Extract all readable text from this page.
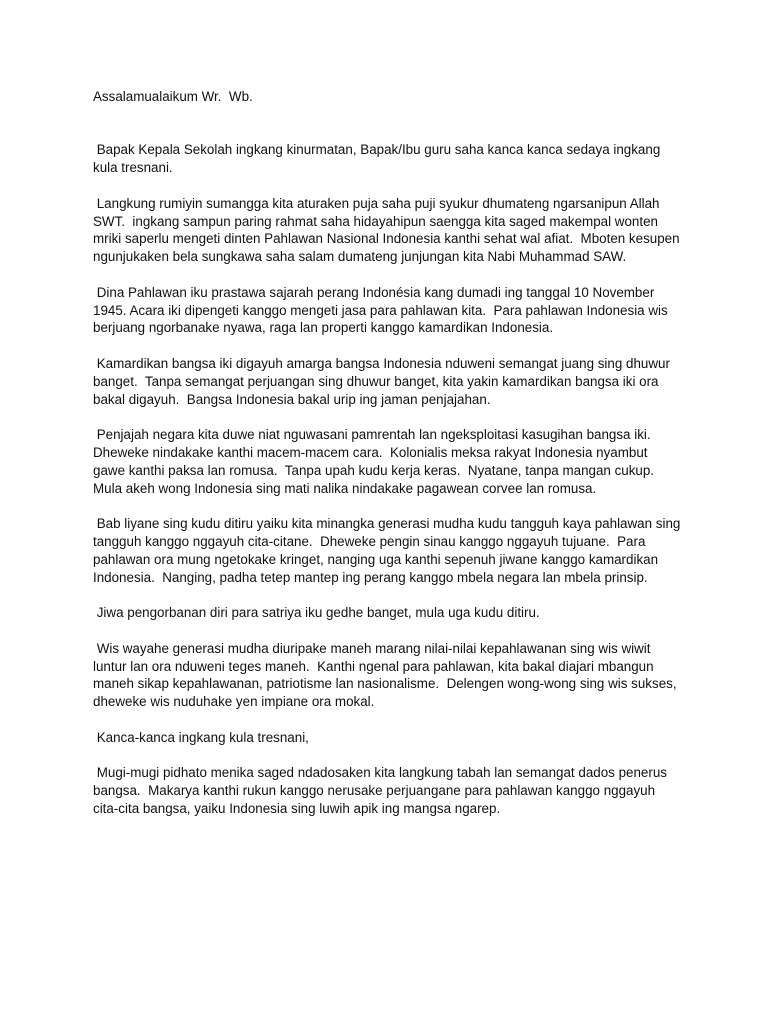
Assalamualaikum Wr.  Wb.

Bapak Kepala Sekolah ingkang kinurmatan, Bapak/Ibu guru saha kanca kanca sedaya ingkang kula tresnani.

Langkung rumiyin sumangga kita aturaken puja saha puji syukur dhumateng ngarsanipun Allah SWT.  ingkang sampun paring rahmat saha hidayahipun saengga kita saged makempal wonten mriki saperlu mengeti dinten Pahlawan Nasional Indonesia kanthi sehat wal afiat.  Mboten kesupen ngunjukaken bela sungkawa saha salam dumateng junjungan kita Nabi Muhammad SAW.

Dina Pahlawan iku prastawa sajarah perang Indonésia kang dumadi ing tanggal 10 November 1945. Acara iki dipengeti kanggo mengeti jasa para pahlawan kita.  Para pahlawan Indonesia wis berjuang ngorbanake nyawa, raga lan properti kanggo kamardikan Indonesia.

Kamardikan bangsa iki digayuh amarga bangsa Indonesia nduweni semangat juang sing dhuwur banget.  Tanpa semangat perjuangan sing dhuwur banget, kita yakin kamardikan bangsa iki ora bakal digayuh.  Bangsa Indonesia bakal urip ing jaman penjajahan.

Penjajah negara kita duwe niat nguwasani pamrentah lan ngeksploitasi kasugihan bangsa iki.  Dheweke nindakake kanthi macem-macem cara.  Kolonialis meksa rakyat Indonesia nyambut gawe kanthi paksa lan romusa.  Tanpa upah kudu kerja keras.  Nyatane, tanpa mangan cukup.  Mula akeh wong Indonesia sing mati nalika nindakake pagawean corvee lan romusa.

Bab liyane sing kudu ditiru yaiku kita minangka generasi mudha kudu tangguh kaya pahlawan sing tangguh kanggo nggayuh cita-citane.  Dheweke pengin sinau kanggo nggayuh tujuane.  Para pahlawan ora mung ngetokake kringet, nanging uga kanthi sepenuh jiwane kanggo kamardikan Indonesia.  Nanging, padha tetep mantep ing perang kanggo mbela negara lan mbela prinsip.

Jiwa pengorbanan diri para satriya iku gedhe banget, mula uga kudu ditiru.

Wis wayahe generasi mudha diuripake maneh marang nilai-nilai kepahlawanan sing wis wiwit luntur lan ora nduweni teges maneh.  Kanthi ngenal para pahlawan, kita bakal diajari mbangun maneh sikap kepahlawanan, patriotisme lan nasionalisme.  Delengen wong-wong sing wis sukses, dheweke wis nuduhake yen impiane ora mokal.

Kanca-kanca ingkang kula tresnani,

Mugi-mugi pidhato menika saged ndadosaken kita langkung tabah lan semangat dados penerus bangsa.  Makarya kanthi rukun kanggo nerusake perjuangane para pahlawan kanggo nggayuh cita-cita bangsa, yaiku Indonesia sing luwih apik ing mangsa ngarep.
